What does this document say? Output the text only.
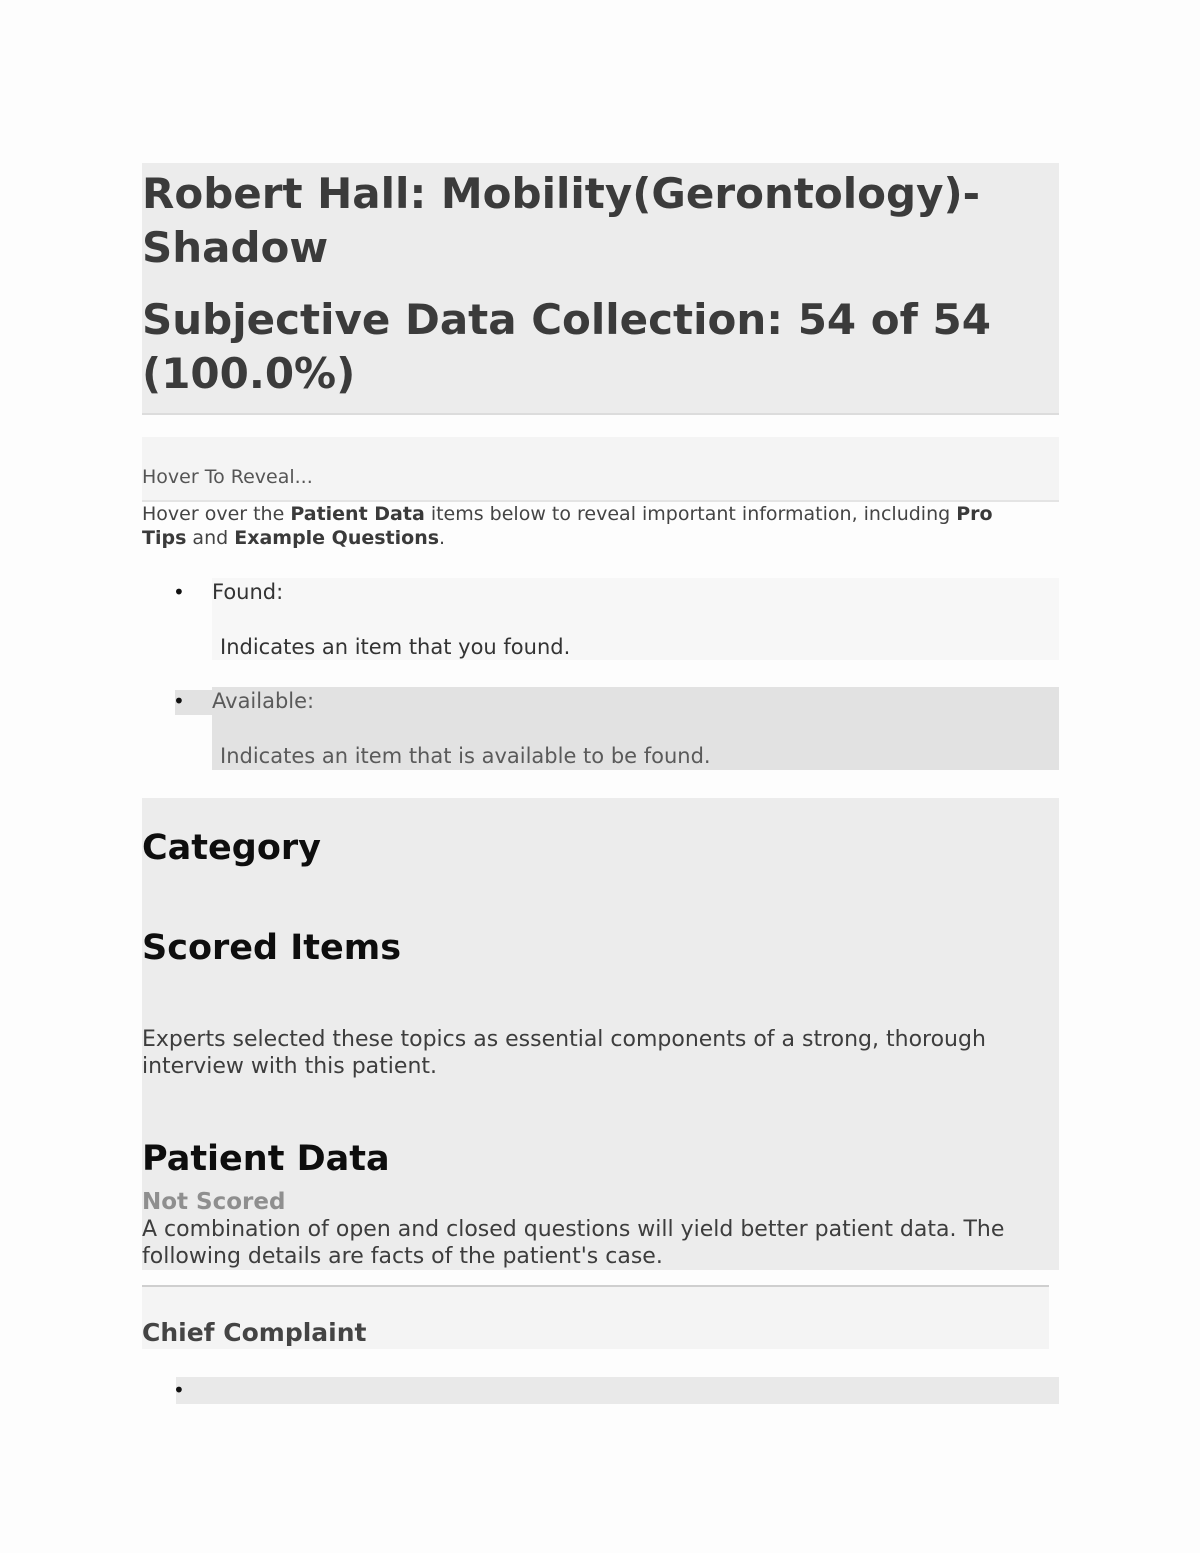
Robert Hall: Mobility(Gerontology)- Shadow
Subjective Data Collection: 54 of 54 (100.0%)
Hover To Reveal...
Hover over the Patient Data items below to reveal important information, including Pro Tips and Example Questions.
• Found:
Indicates an item that you found.
• Available:
Indicates an item that is available to be found.
Category
Scored Items
Experts selected these topics as essential components of a strong, thorough interview with this patient.
Patient Data
Not Scored
A combination of open and closed questions will yield better patient data. The following details are facts of the patient's case.
Chief Complaint
•
